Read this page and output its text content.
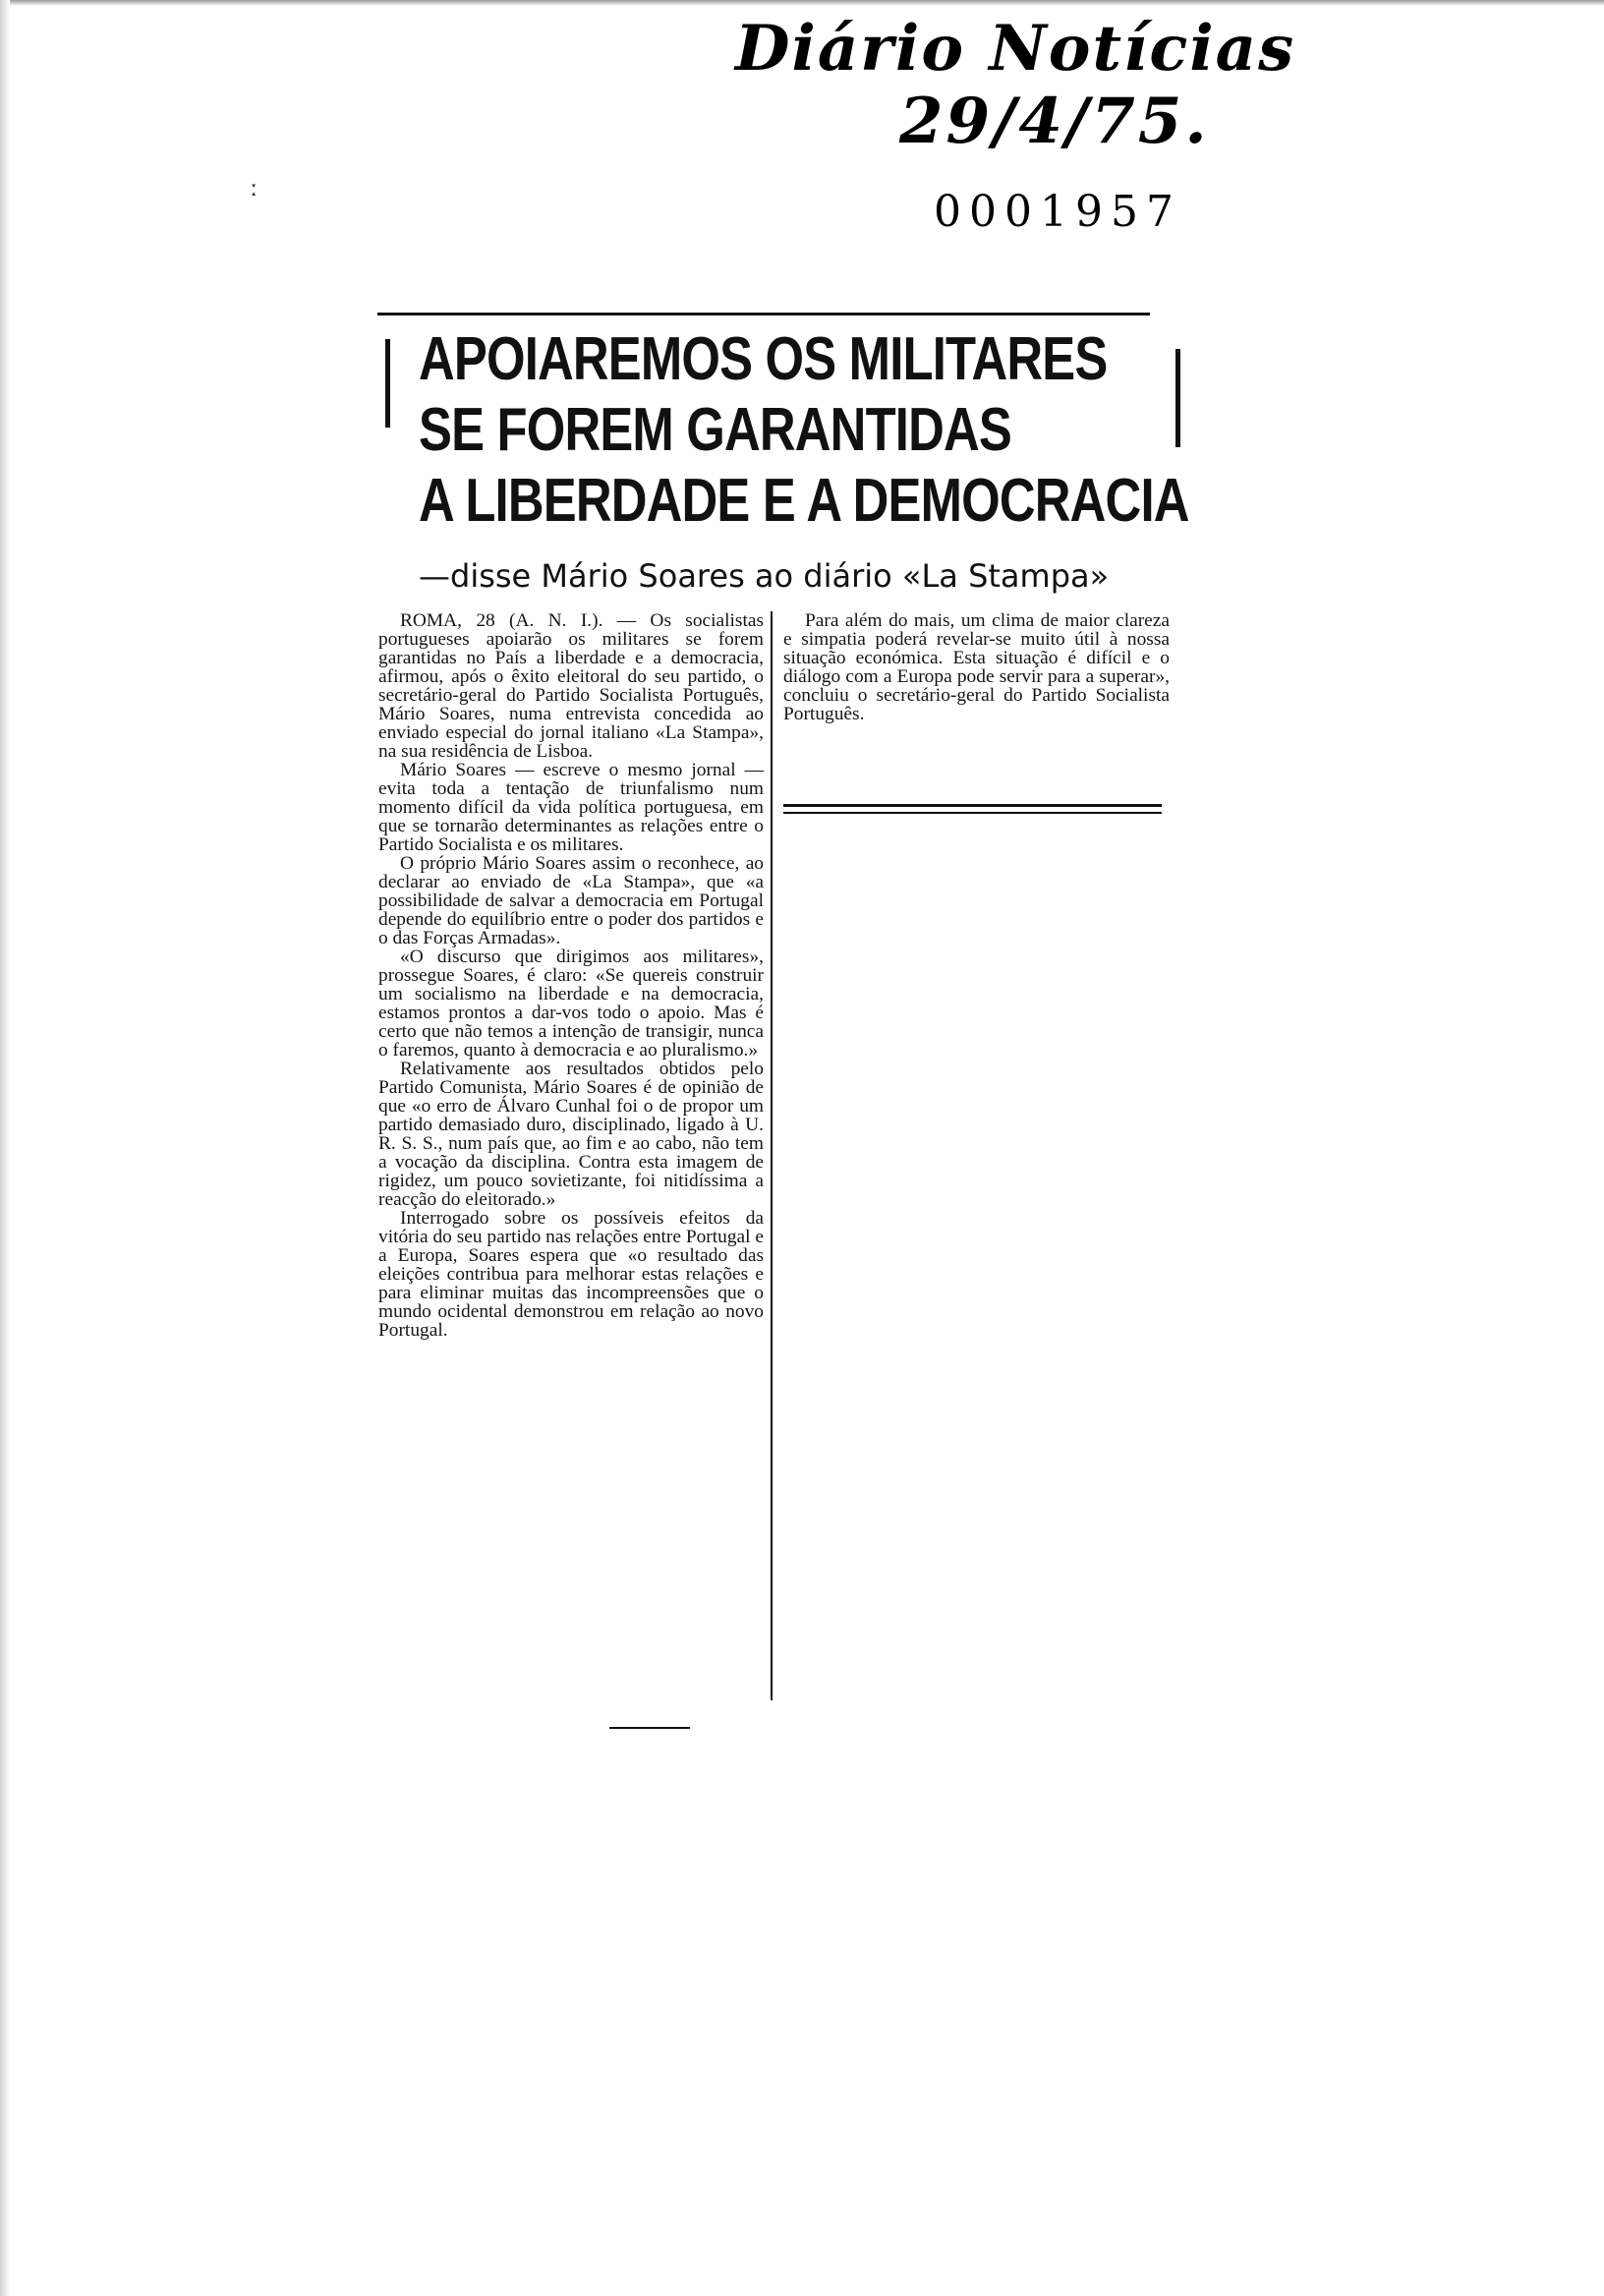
Diário Notícias
29/4/75.
0001957
ː
APOIAREMOS OS MILITARES
SE FOREM GARANTIDAS
A LIBERDADE E A DEMOCRACIA
—disse Mário Soares ao diário «La Stampa»

ROMA, 28 (A. N. I.). — Os socialistas portugueses apoiarão os militares se forem garantidas no País a liberdade e a democracia, afirmou, após o êxito eleitoral do seu partido, o secretário-geral do Partido Socialista Português, Mário Soares, numa entrevista concedida ao enviado especial do jornal italiano «La Stampa», na sua residência de Lisboa.

Mário Soares — escreve o mesmo jornal — evita toda a tentação de triunfalismo num momento difícil da vida política portuguesa, em que se tornarão determinantes as relações entre o Partido Socialista e os militares.

O próprio Mário Soares assim o reconhece, ao declarar ao enviado de «La Stampa», que «a possibilidade de salvar a democracia em Portugal depende do equilíbrio entre o poder dos partidos e o das Forças Armadas».

«O discurso que dirigimos aos militares», prossegue Soares, é claro: «Se quereis construir um socialismo na liberdade e na democracia, estamos prontos a dar-vos todo o apoio. Mas é certo que não temos a intenção de transigir, nunca o faremos, quanto à democracia e ao pluralismo.»

Relativamente aos resultados obtidos pelo Partido Comunista, Mário Soares é de opinião de que «o erro de Álvaro Cunhal foi o de propor um partido demasiado duro, disciplinado, ligado à U. R. S. S., num país que, ao fim e ao cabo, não tem a vocação da disciplina. Contra esta imagem de rigidez, um pouco sovietizante, foi nitidíssima a reacção do eleitorado.»

Interrogado sobre os possíveis efeitos da vitória do seu partido nas relações entre Portugal e a Europa, Soares espera que «o resultado das eleições contribua para melhorar estas relações e para eliminar muitas das incompreensões que o mundo ocidental demonstrou em relação ao novo Portugal.

Para além do mais, um clima de maior clareza e simpatia poderá revelar-se muito útil à nossa situação económica. Esta situação é difícil e o diálogo com a Europa pode servir para a superar», concluiu o secretário-geral do Partido Socialista Português.
